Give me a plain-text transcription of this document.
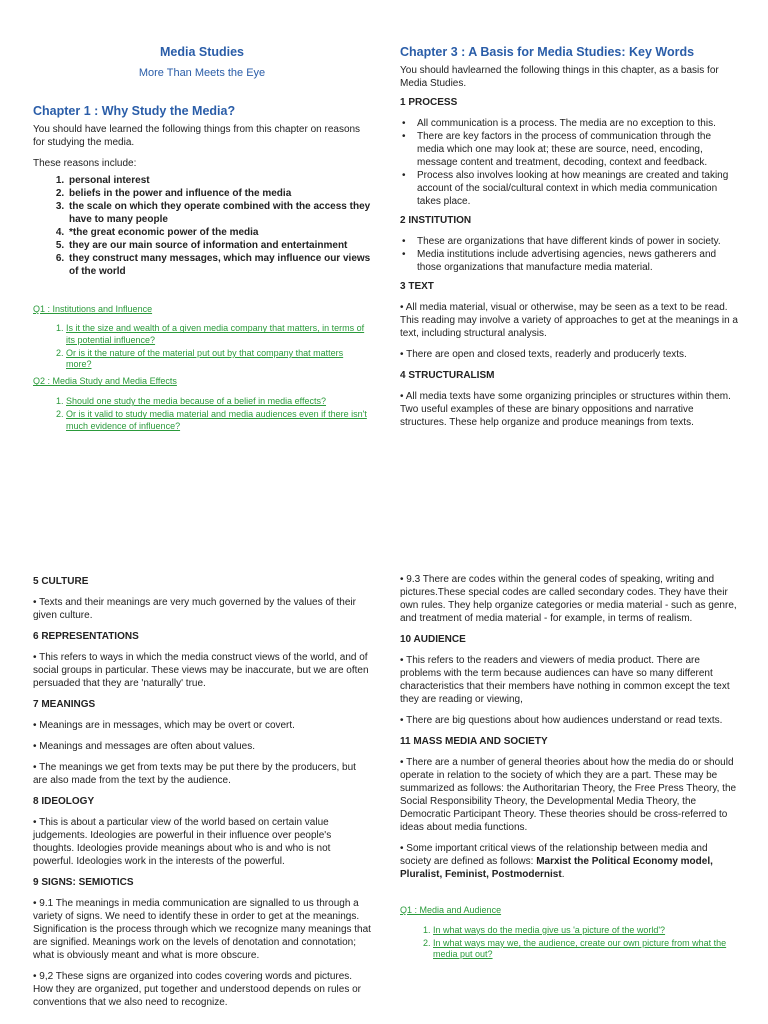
Media Studies
More Than Meets the Eye
Chapter 1 : Why Study the Media?

You should have learned the following things from this chapter on reasons for studying the media.

These reasons include:

1. personal interest
2. beliefs in the power and influence of the media
3. the scale on which they operate combined with the access they have to many people
4. *the great economic power of the media
5. they are our main source of information and entertainment
6. they construct many messages, which may influence our views of the world
Q1 : Institutions and Influence
1. Is it the size and wealth of a given media company that matters, in terms of its potential influence?
2. Or is it the nature of the material put out by that company that matters more?
Q2 : Media Study and Media Effects
1. Should one study the media because of a belief in media effects?
2. Or is it valid to study media material and media audiences even if there isn't much evidence of influence?
Chapter 3 : A Basis for Media Studies: Key Words

You should havlearned the following things in this chapter, as a basis for Media Studies.

1 PROCESS
• All communication is a process. The media are no exception to this.
• There are key factors in the process of communication through the media which one may look at; these are source, need, encoding, message content and treatment, decoding, context and feedback.
• Process also involves looking at how meanings are created and taking account of the social/cultural context in which media communication takes place.
2 INSTITUTION
• These are organizations that have different kinds of power in society.
• Media institutions include advertising agencies, news gatherers and those organizations that manufacture media material.
3 TEXT

• All media material, visual or otherwise, may be seen as a text to be read. This reading may involve a variety of approaches to get at the meanings in a text, including structural analysis.

• There are open and closed texts, readerly and producerly texts.

4 STRUCTURALISM

• All media texts have some organizing principles or structures within them. Two useful examples of these are binary oppositions and narrative structures. These help organize and produce meanings from texts.

5 CULTURE

• Texts and their meanings are very much governed by the values of their given culture.

6 REPRESENTATIONS

• This refers to ways in which the media construct views of the world, and of social groups in particular. These views may be inaccurate, but we are often persuaded that they are 'naturally' true.

7 MEANINGS

• Meanings are in messages, which may be overt or covert.

• Meanings and messages are often about values.

• The meanings we get from texts may be put there by the producers, but are also made from the text by the audience.

8 IDEOLOGY

• This is about a particular view of the world based on certain value judgements. Ideologies are powerful in their influence over people's thoughts. Ideologies provide meanings about who is and who is not powerful. Ideologies work in the interests of the powerful.

9 SIGNS: SEMIOTICS

• 9.1 The meanings in media communication are signalled to us through a variety of signs. We need to identify these in order to get at the meanings. Signification is the process through which we recognize many meanings that are signified. Meanings work on the levels of denotation and connotation; what is obviously meant and what is more obscure.

• 9,2 These signs are organized into codes covering words and pictures. How they are organized, put together and understood depends on rules or conventions that we also need to recognize.

• 9.3 There are codes within the general codes of speaking, writing and pictures.These special codes are called secondary codes. They have their own rules. They help organize categories or media material - such as genre, and treatment of media material - for example, in terms of realism.

10 AUDIENCE

• This refers to the readers and viewers of media product. There are problems with the term because audiences can have so many different characteristics that their members have nothing in common except the text they are reading or viewing,

• There are big questions about how audiences understand or read texts.

11 MASS MEDIA AND SOCIETY

• There are a number of general theories about how the media do or should operate in relation to the society of which they are a part. These may be summarized as follows: the Authoritarian Theory, the Free Press Theory, the Social Responsibility Theory, the Developmental Media Theory, the Democratic Participant Theory. These theories should be cross-referred to ideas about media functions.

• Some important critical views of the relationship between media and society are defined as follows: Marxist the Political Economy model, Pluralist, Feminist, Postmodernist.

Q1 : Media and Audience
1. In what ways do the media give us 'a picture of the world'?
2. In what ways may we, the audience, create our own picture from what the media put out?
